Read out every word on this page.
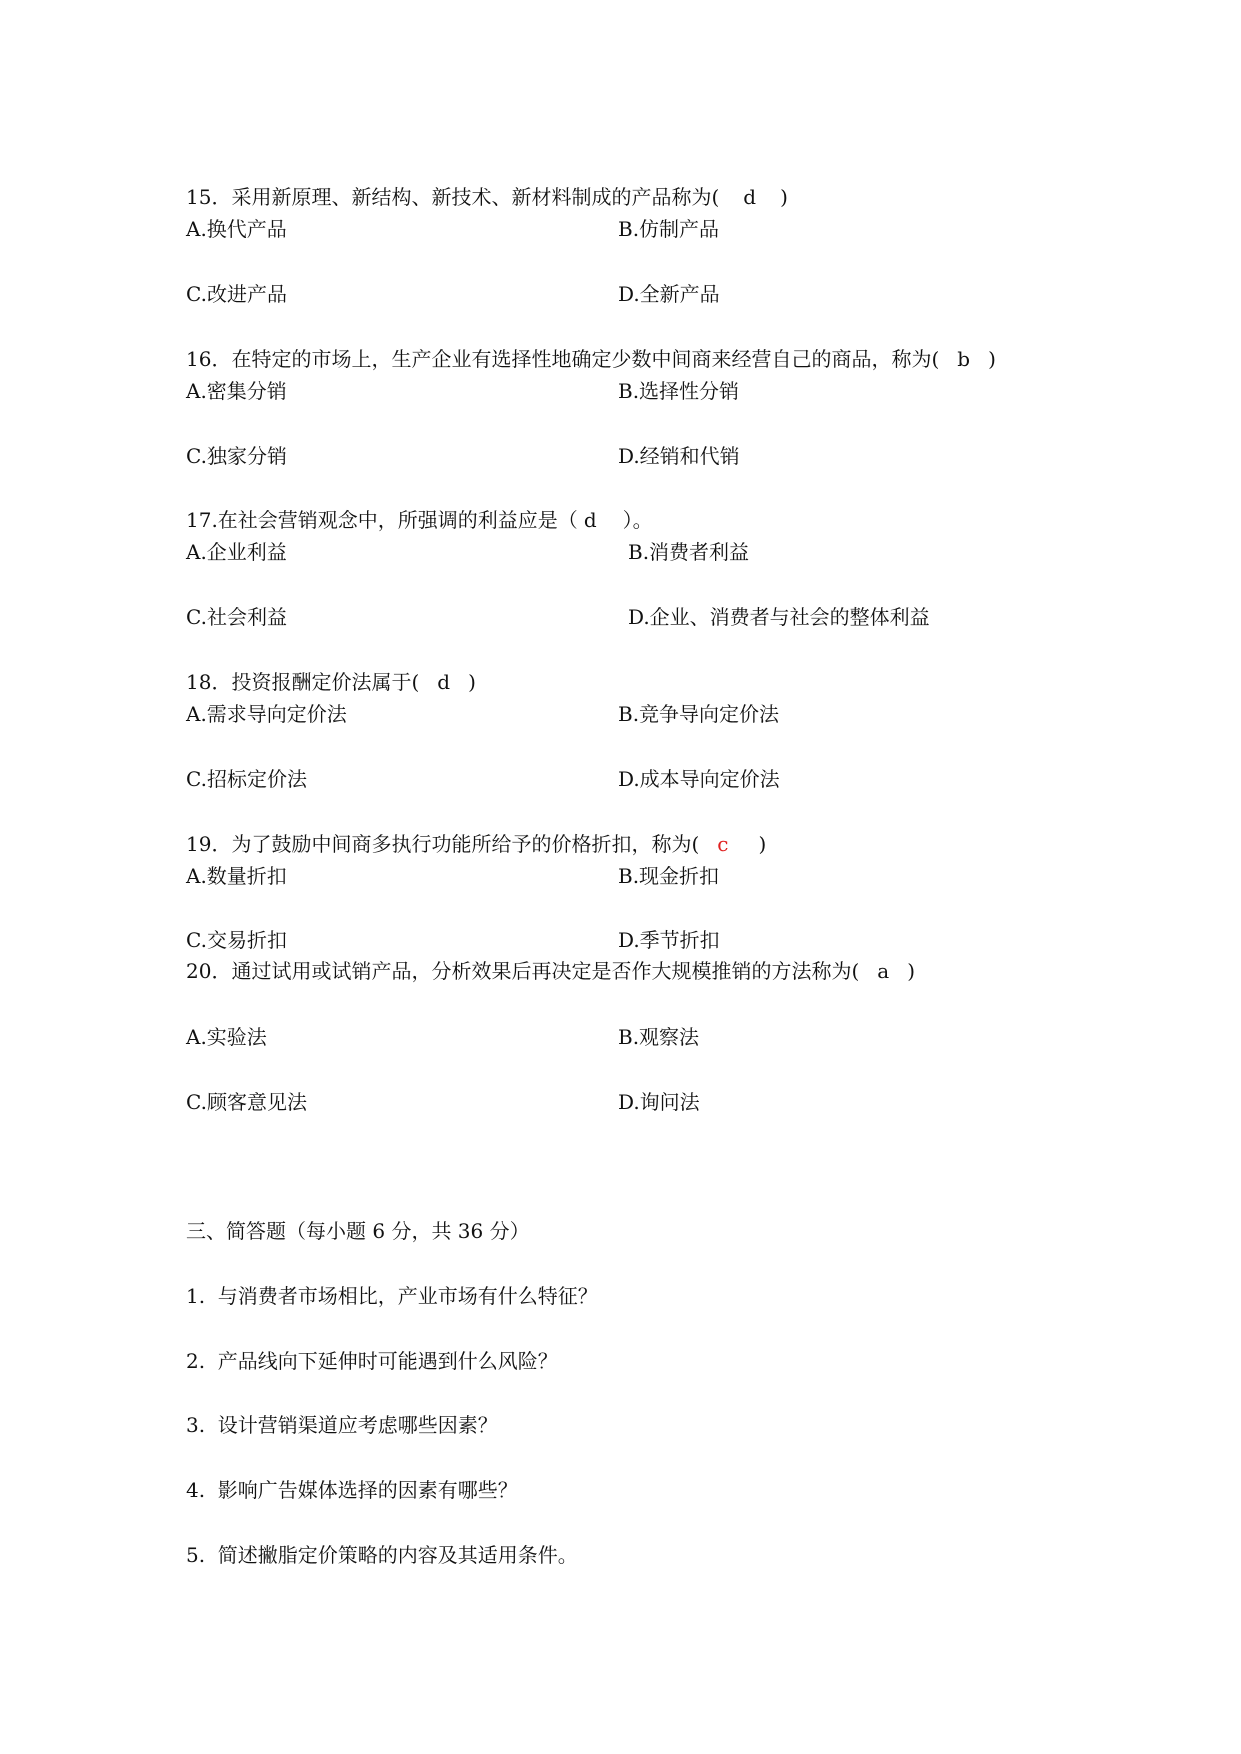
15．采用新原理、新结构、新技术、新材料制成的产品称为( d )
A.换代产品	B.仿制产品
C.改进产品	D.全新产品
16．在特定的市场上，生产企业有选择性地确定少数中间商来经营自己的商品，称为( b )
A.密集分销	B.选择性分销
C.独家分销	D.经销和代销
17.在社会营销观念中，所强调的利益应是（ d ）。
A.企业利益	B.消费者利益
C.社会利益	D.企业、消费者与社会的整体利益
18．投资报酬定价法属于( d )
A.需求导向定价法	B.竞争导向定价法
C.招标定价法	D.成本导向定价法
19．为了鼓励中间商多执行功能所给予的价格折扣，称为( c )
A.数量折扣	B.现金折扣
C.交易折扣	D.季节折扣
20．通过试用或试销产品，分析效果后再决定是否作大规模推销的方法称为( a )
A.实验法	B.观察法
C.顾客意见法	D.询问法
三、简答题（每小题 6 分，共 36 分）
1.  与消费者市场相比，产业市场有什么特征？
2.  产品线向下延伸时可能遇到什么风险？
3.  设计营销渠道应考虑哪些因素？
4.  影响广告媒体选择的因素有哪些？
5.  简述撇脂定价策略的内容及其适用条件。
